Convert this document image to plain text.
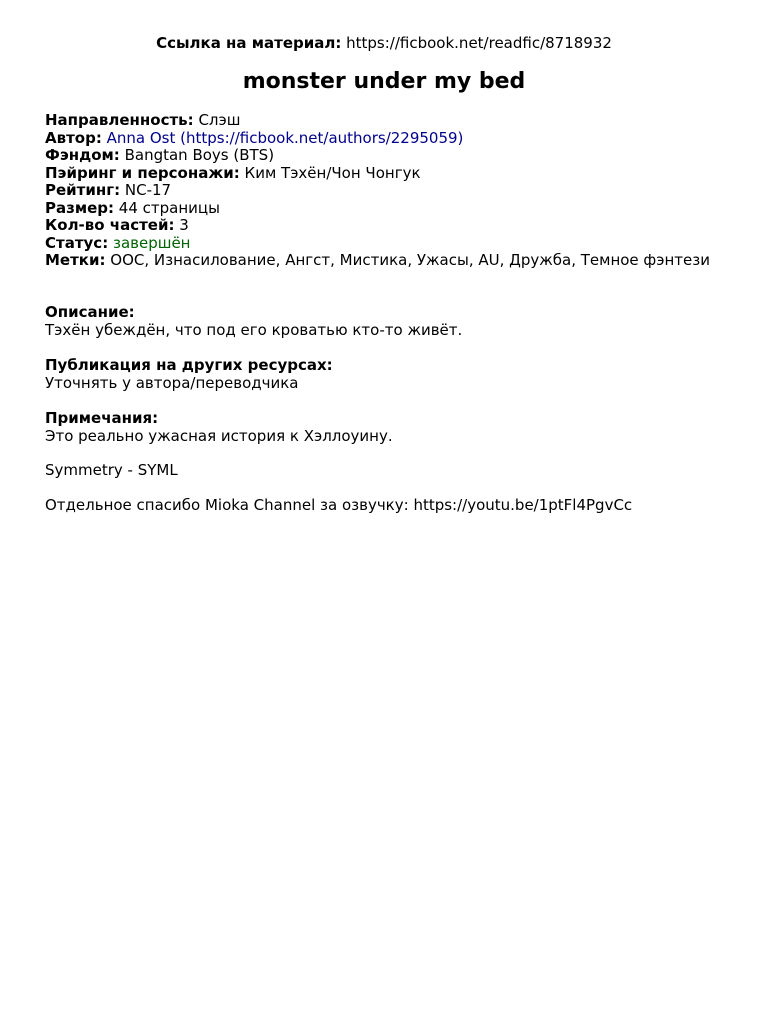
Ссылка на материал: https://ficbook.net/readfic/8718932
monster under my bed
Направленность: Слэш
Автор: Anna Ost (https://ficbook.net/authors/2295059)
Фэндом: Bangtan Boys (BTS)
Пэйринг и персонажи: Ким Тэхён/Чон Чонгук
Рейтинг: NC-17
Размер: 44 страницы
Кол-во частей: 3
Статус: завершён
Метки: OOC, Изнасилование, Ангст, Мистика, Ужасы, AU, Дружба, Темное фэнтези
Описание:
Тэхён убеждён, что под его кроватью кто-то живёт.
Публикация на других ресурсах:
Уточнять у автора/переводчика
Примечания:
Это реально ужасная история к Хэллоуину.
Symmetry - SYML
Отдельное спасибо Mioka Channel за озвучку: https://youtu.be/1ptFl4PgvCc
